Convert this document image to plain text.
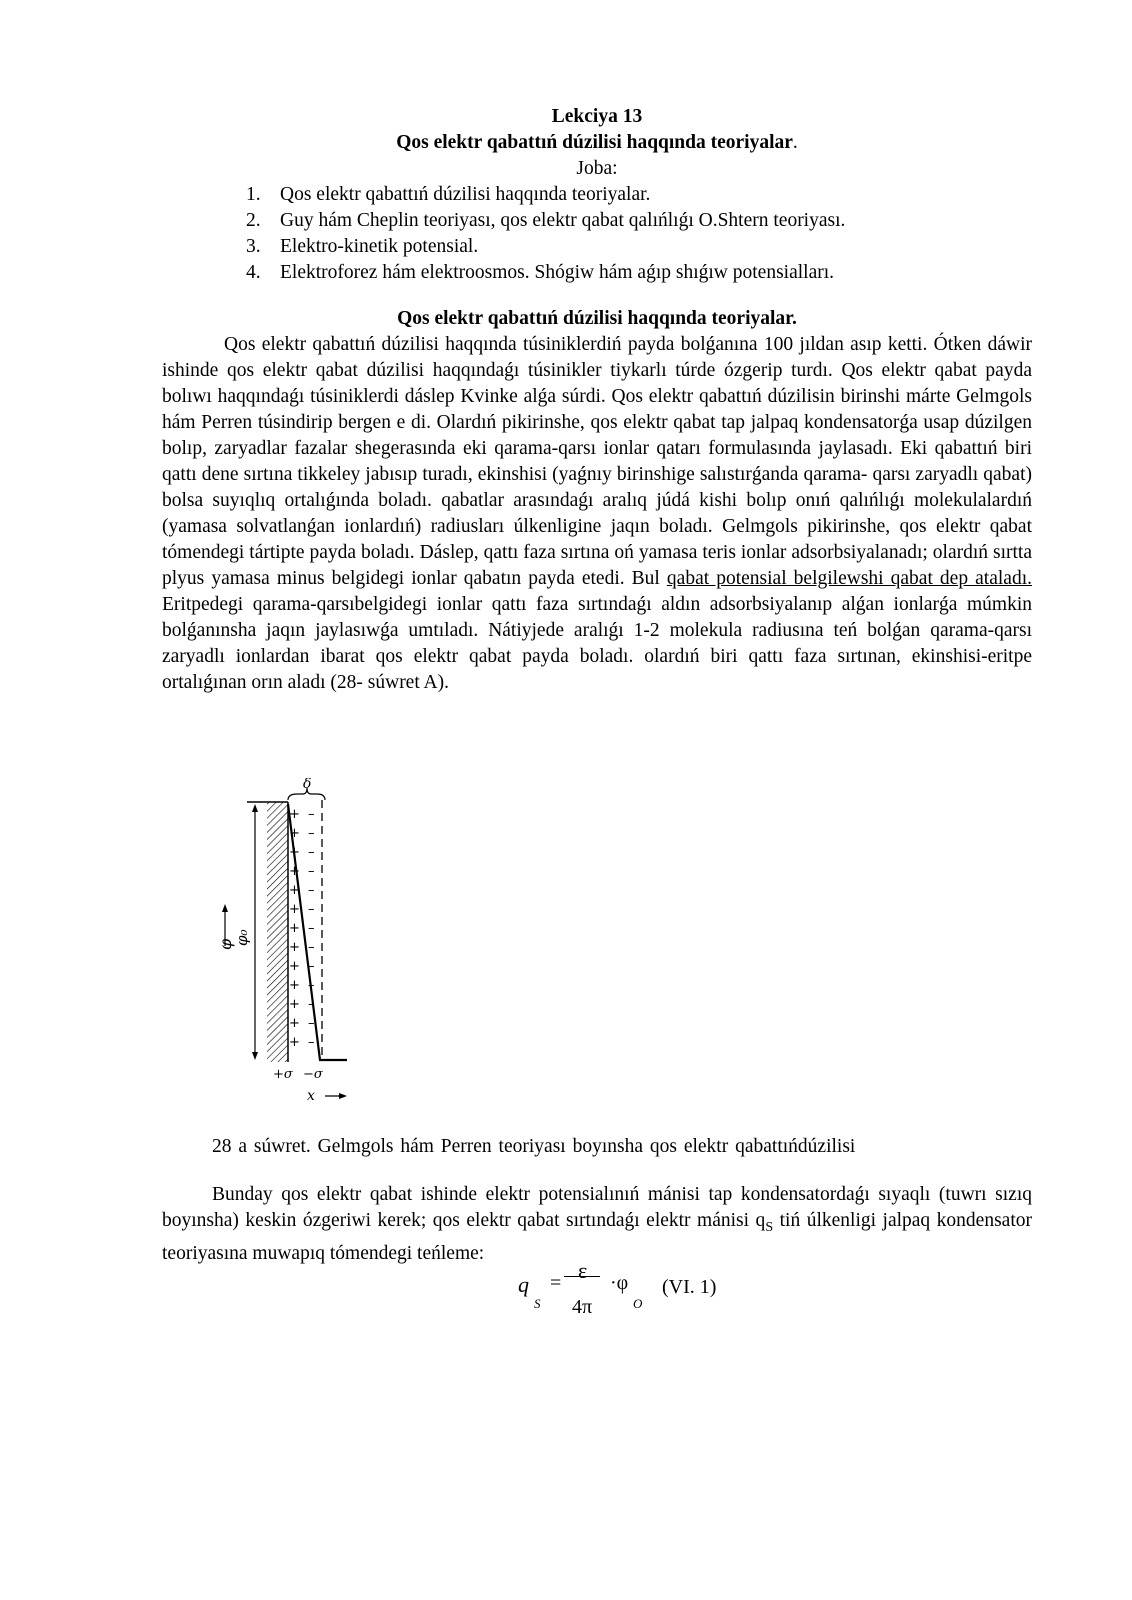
Lekciya 13
Qos elektr qabattıń dúzilisi haqqında teoriyalar.
Joba:
1. Qos elektr qabattıń dúzilisi haqqında teoriyalar.
2. Guy hám Cheplin teoriyası, qos elektr qabat qalıńlıǵı O.Shtern teoriyası.
3. Elektro-kinetik potensial.
4. Elektroforez hám elektroosmos. Shógiw hám aǵıp shıǵıw potensialları.
Qos elektr qabattıń dúzilisi haqqında teoriyalar.
Qos elektr qabattıń dúzilisi haqqında túsiniklerdiń payda bolǵanına 100 jıldan asıp ketti. Ótken dáwir ishinde qos elektr qabat dúzilisi haqqındaǵı túsinikler tiykarlı túrde ózgerip turdı. Qos elektr qabat payda bolıwı haqqındaǵı túsiniklerdi dáslep Kvinke alǵa súrdi. Qos elektr qabattıń dúzilisin birinshi márte Gelmgols hám Perren túsindirip bergen e di. Olardıń pikirinshe, qos elektr qabat tap jalpaq kondensatorǵa usap dúzilgen bolıp, zaryadlar fazalar shegerasında eki qarama-qarsı ionlar qatarı formulasında jaylasadı. Eki qabattıń biri qattı dene sırtına tikkeley jabısıp turadı, ekinshisi (yaǵnıy birinshige salıstırǵanda qarama- qarsı zaryadlı qabat) bolsa suyıqlıq ortalıǵında boladı. qabatlar arasındaǵı aralıq júdá kishi bolıp onıń qalıńlıǵı molekulalardıń (yamasa solvatlanǵan ionlardıń) radiusları úlkenligine jaqın boladı. Gelmgols pikirinshe, qos elektr qabat tómendegi tártipte payda boladı. Dáslep, qattı faza sırtına oń yamasa teris ionlar adsorbsiyalanadı; olardıń sırtta plyus yamasa minus belgidegi ionlar qabatın payda etedi. Bul qabat potensial belgilewshi qabat dep ataladı. Eritpedegi qarama-qarsıbelgidegi ionlar qattı faza sırtındaǵı aldın adsorbsiyalanıp alǵan ionlarǵa múmkin bolǵanınsha jaqın jaylasıwǵa umtıladı. Nátiyjede aralıǵı 1-2 molekula radiusına teń bolǵan qarama-qarsı zaryadlı ionlardan ibarat qos elektr qabat payda boladı. olardıń biri qattı faza sırtınan, ekinshisi-eritpe ortalıǵınan orın aladı (28- súwret A).
δ
φ
φ₀
+
+
+
+
+
+
+
+
+
+
+
+
+
–
–
–
–
–
–
–
–
–
–
–
–
–
+σ −σ
x
28 a súwret. Gelmgols hám Perren teoriyası boyınsha qos elektr qabattıńdúzilisi
Bunday qos elektr qabat ishinde elektr potensialınıń mánisi tap kondensatordaǵı sıyaqlı (tuwrı sızıq boyınsha) keskin ózgeriwi kerek; qos elektr qabat sırtındaǵı elektr mánisi $q_S$ tiń úlkenligi jalpaq kondensator teoriyasına muwapıq tómendegi teńleme:
q
S
= ε
4π
·φ
O
(VI. 1)
